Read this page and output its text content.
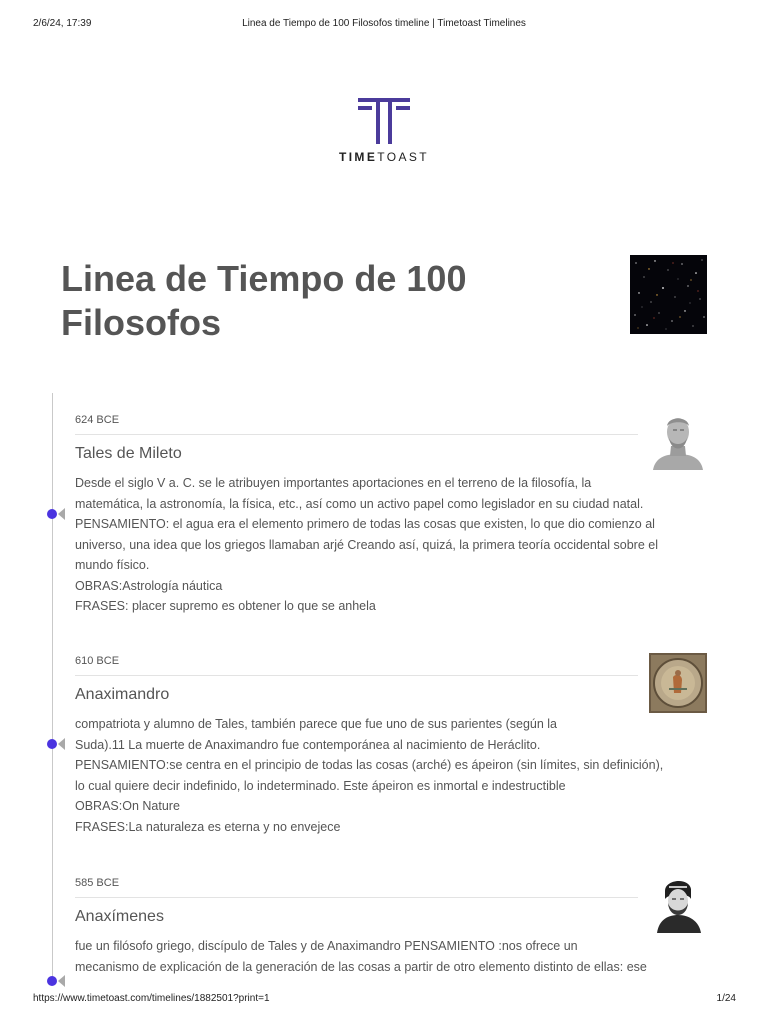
2/6/24, 17:39	Linea de Tiempo de 100 Filosofos timeline | Timetoast Timelines
TIMETOAST
Linea de Tiempo de 100 Filosofos
624 BCE
Tales de Mileto
Desde el siglo V a. C. se le atribuyen importantes aportaciones en el terreno de la filosofía, la
matemática, la astronomía, la física, etc., así como un activo papel como legislador en su ciudad natal.
PENSAMIENTO: el agua era el elemento primero de todas las cosas que existen, lo que dio comienzo al
universo, una idea que los griegos llamaban arjé Creando así, quizá, la primera teoría occidental sobre el
mundo físico.
OBRAS:Astrología náutica
FRASES: placer supremo es obtener lo que se anhela
610 BCE
Anaximandro
compatriota y alumno de Tales, también parece que fue uno de sus parientes (según la
Suda).11 La muerte de Anaximandro fue contemporánea al nacimiento de Heráclito.
PENSAMIENTO:se centra en el principio de todas las cosas (arché) es ápeiron (sin límites, sin definición),
lo cual quiere decir indefinido, lo indeterminado. Este ápeiron es inmortal e indestructible
OBRAS:On Nature
FRASES:La naturaleza es eterna y no envejece
585 BCE
Anaxímenes
fue un filósofo griego, discípulo de Tales y de Anaximandro PENSAMIENTO :nos ofrece un
mecanismo de explicación de la generación de las cosas a partir de otro elemento distinto de ellas: ese
https://www.timetoast.com/timelines/1882501?print=1	1/24
